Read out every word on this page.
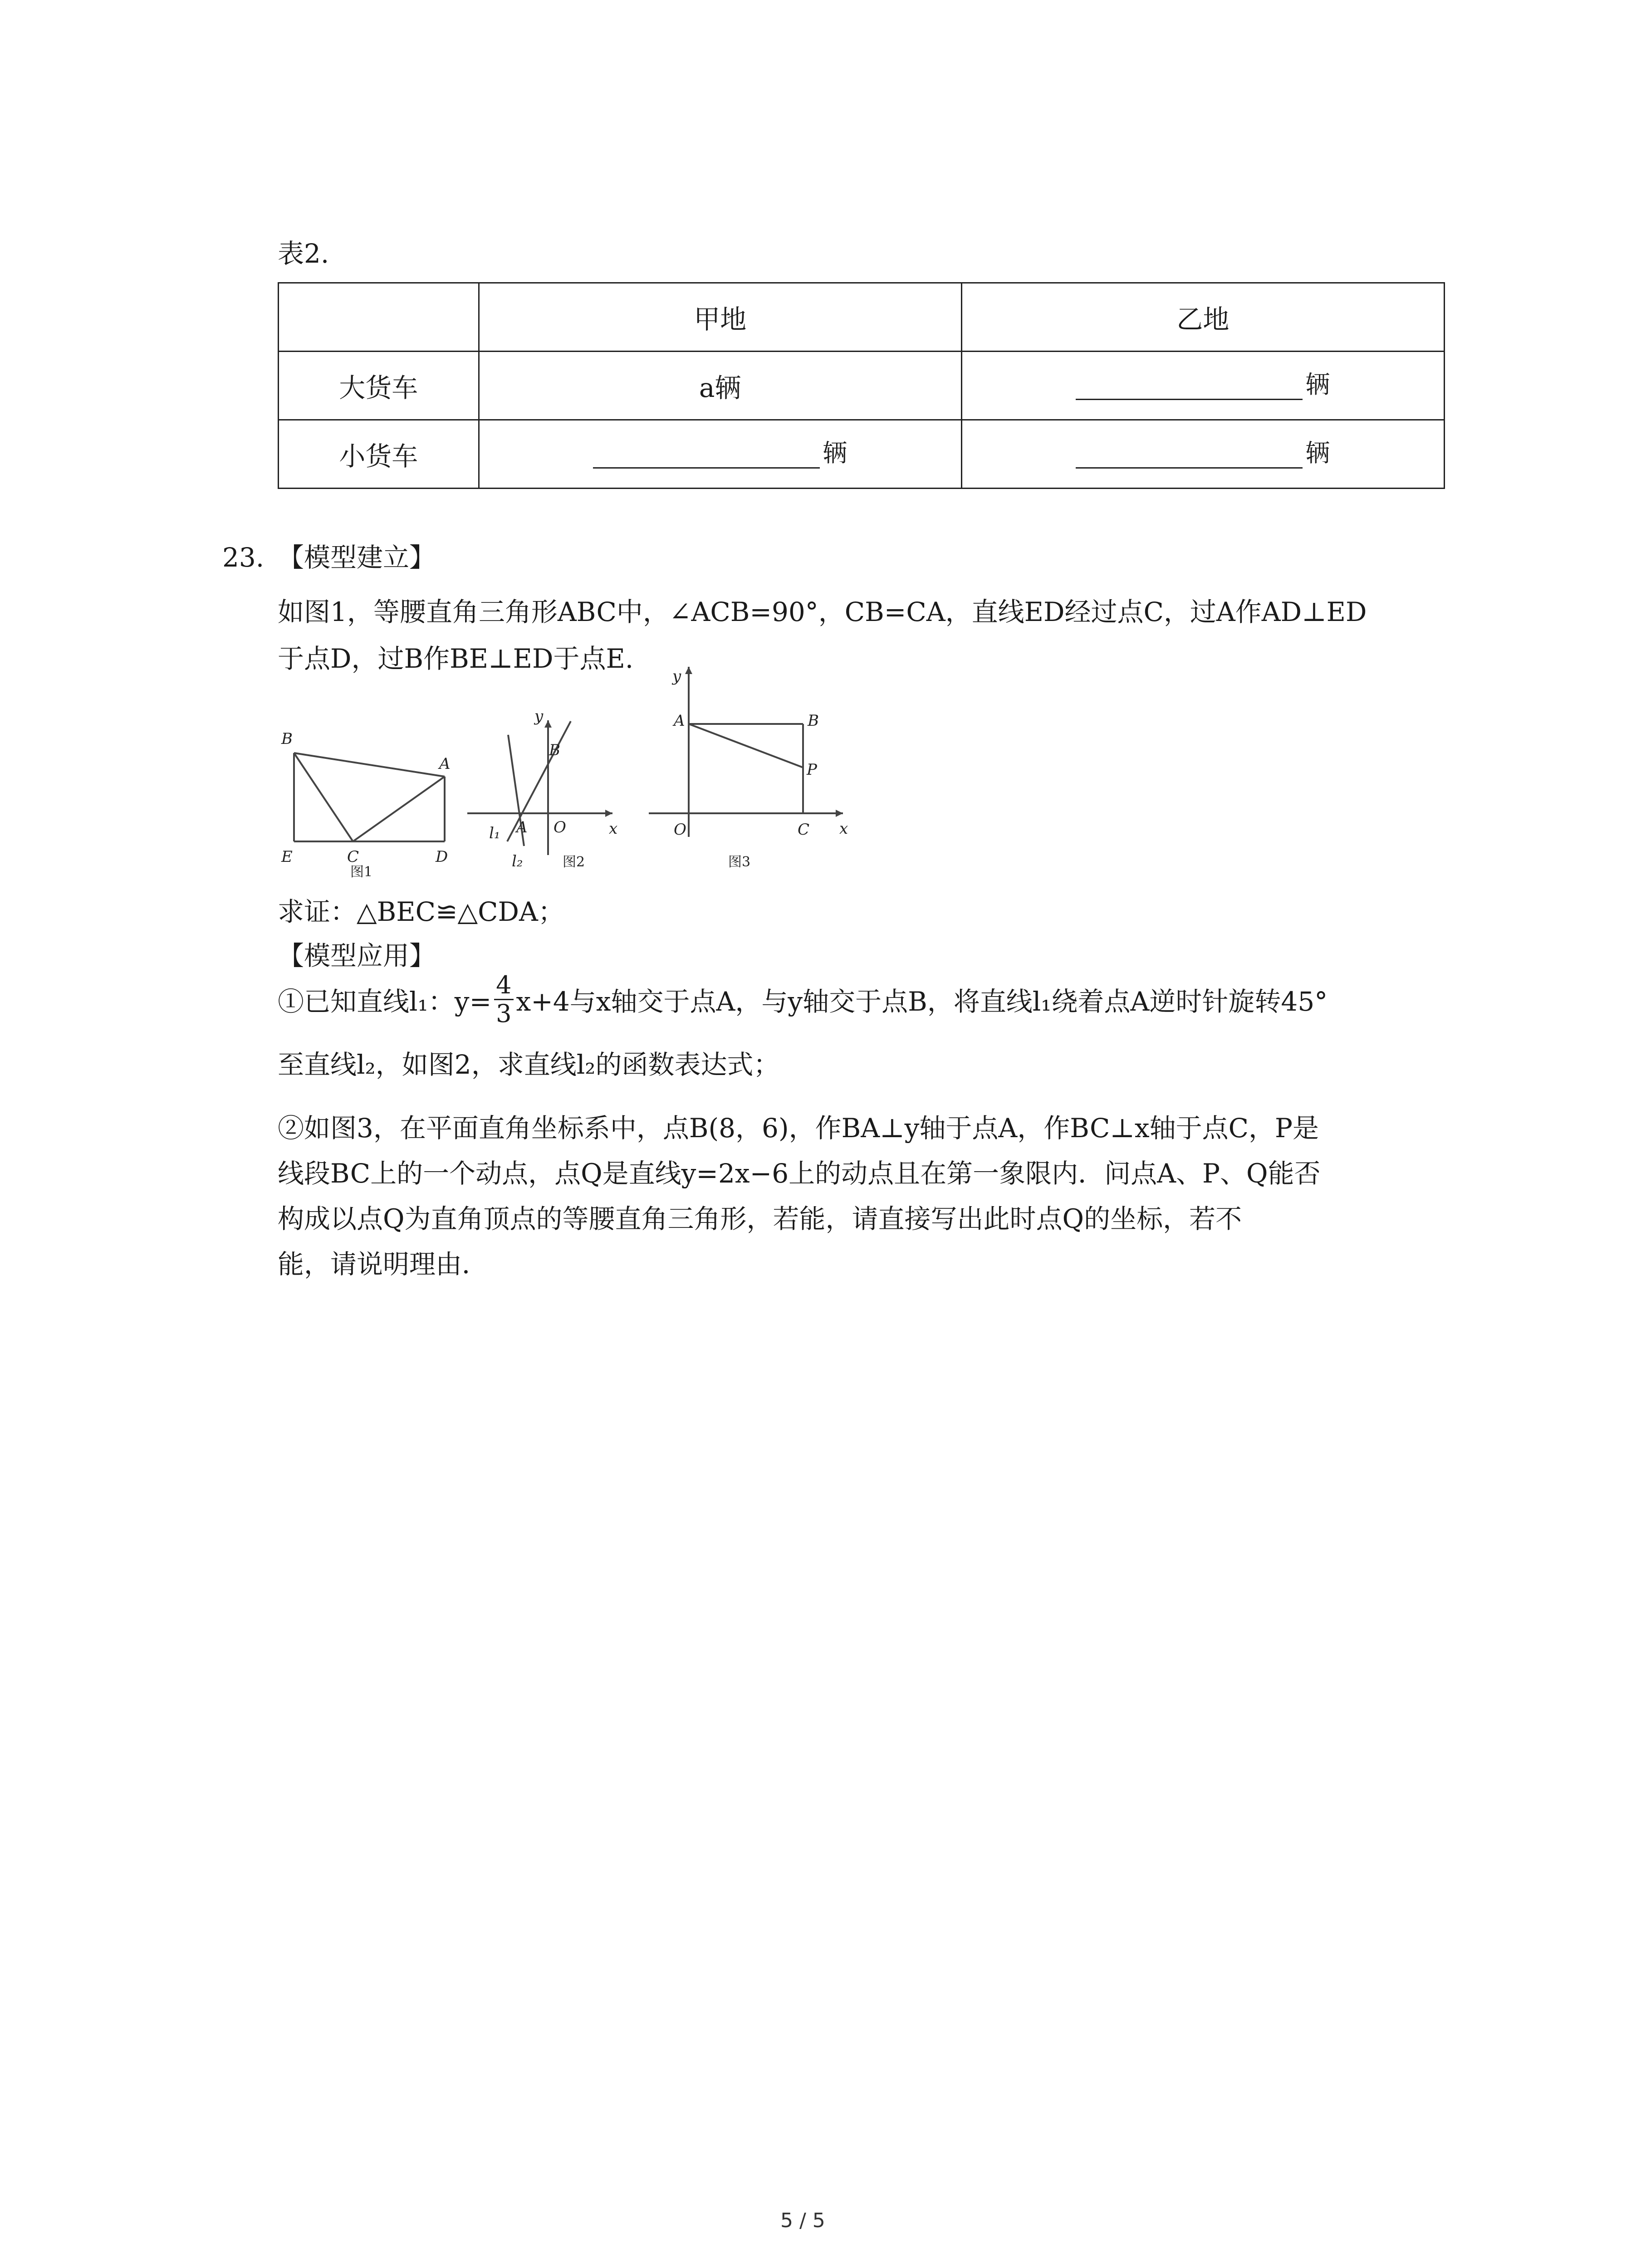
表2.
	甲地	乙地
大货车	a辆	辆

小货车	辆	辆
23. 【模型建立】
如图1，等腰直角三角形ABC中，∠ACB=90°，CB=CA，直线ED经过点C，过A作AD⊥ED
于点D，过B作BE⊥ED于点E.
B
A
E	C	D
y
B
A O	x
l₁
l₂
y
A	B
P
O	C x
图1
图2	图3
求证：△BEC≌△CDA；
【模型应用】
①已知直线l₁：$y= \frac{4}{3} x+4$与x轴交于点A，与y轴交于点B，将直线l₁绕着点A逆时针旋转45°
至直线l₂，如图2，求直线l₂的函数表达式；
②如图3，在平面直角坐标系中，点B(8，6)，作BA⊥y轴于点A，作BC⊥x轴于点C，P是
线段BC上的一个动点，点Q是直线y=2x−6上的动点且在第一象限内．问点A、P、Q能否
构成以点Q为直角顶点的等腰直角三角形，若能，请直接写出此时点Q的坐标，若不
能，请说明理由．
5 / 5
